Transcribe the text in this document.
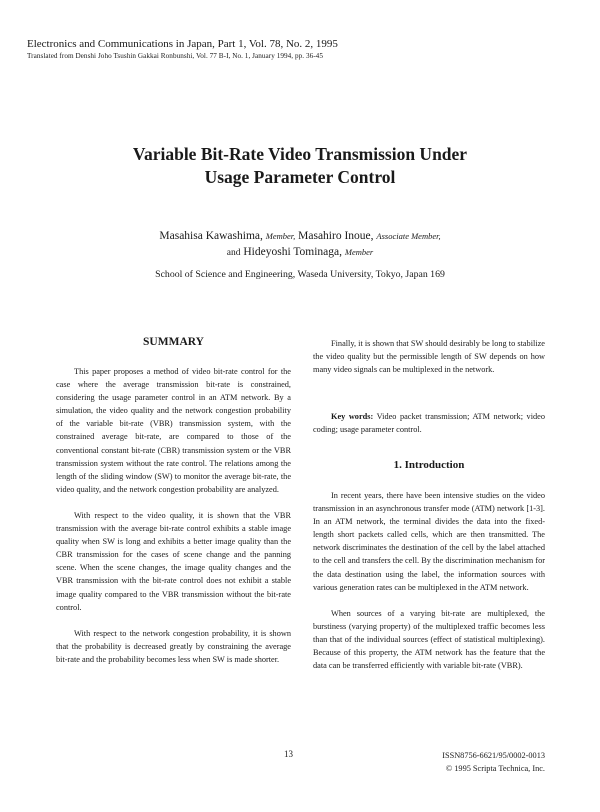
Electronics and Communications in Japan, Part 1, Vol. 78, No. 2, 1995
Translated from Denshi Joho Tsushin Gakkai Ronbunshi, Vol. 77 B-I, No. 1, January 1994, pp. 36-45
Variable Bit-Rate Video Transmission Under
Usage Parameter Control
Masahisa Kawashima, Member, Masahiro Inoue, Associate Member,
and Hideyoshi Tominaga, Member
School of Science and Engineering, Waseda University, Tokyo, Japan 169
SUMMARY

This paper proposes a method of video bit-rate control for the case where the average transmission bit-rate is constrained, considering the usage parameter control in an ATM network. By a simulation, the video quality and the network congestion probability of the variable bit-rate (VBR) transmission system, with the constrained average bit-rate, are compared to those of the conventional constant bit-rate (CBR) transmission system or the VBR transmission system without the rate control. The relations among the length of the sliding window (SW) to monitor the average bit-rate, the video quality, and the network congestion probability are analyzed.

With respect to the video quality, it is shown that the VBR transmission with the average bit-rate control exhibits a stable image quality when SW is long and exhibits a better image quality than the CBR transmission for the cases of scene change and the panning scene. When the scene changes, the image quality changes and the VBR transmission with the bit-rate control does not exhibit a stable image quality compared to the VBR transmission without the bit-rate control.

With respect to the network congestion probability, it is shown that the probability is decreased greatly by constraining the average bit-rate and the probability becomes less when SW is made shorter.

Finally, it is shown that SW should desirably be long to stabilize the video quality but the permissible length of SW depends on how many video signals can be multiplexed in the network.

Key words: Video packet transmission; ATM network; video coding; usage parameter control.

1. Introduction

In recent years, there have been intensive studies on the video transmission in an asynchronous transfer mode (ATM) network [1-3]. In an ATM network, the terminal divides the data into the fixed-length short packets called cells, which are then transmitted. The network discriminates the destination of the cell by the label attached to the cell and transfers the cell. By the discrimination mechanism for the data destination using the label, the information sources with various generation rates can be multiplexed in the ATM network.

When sources of a varying bit-rate are multiplexed, the burstiness (varying property) of the multiplexed traffic becomes less than that of the individual sources (effect of statistical multiplexing). Because of this property, the ATM network has the feature that the data can be transferred efficiently with variable bit-rate (VBR).

13	ISSN8756-6621/95/0002-0013
© 1995 Scripta Technica, Inc.
